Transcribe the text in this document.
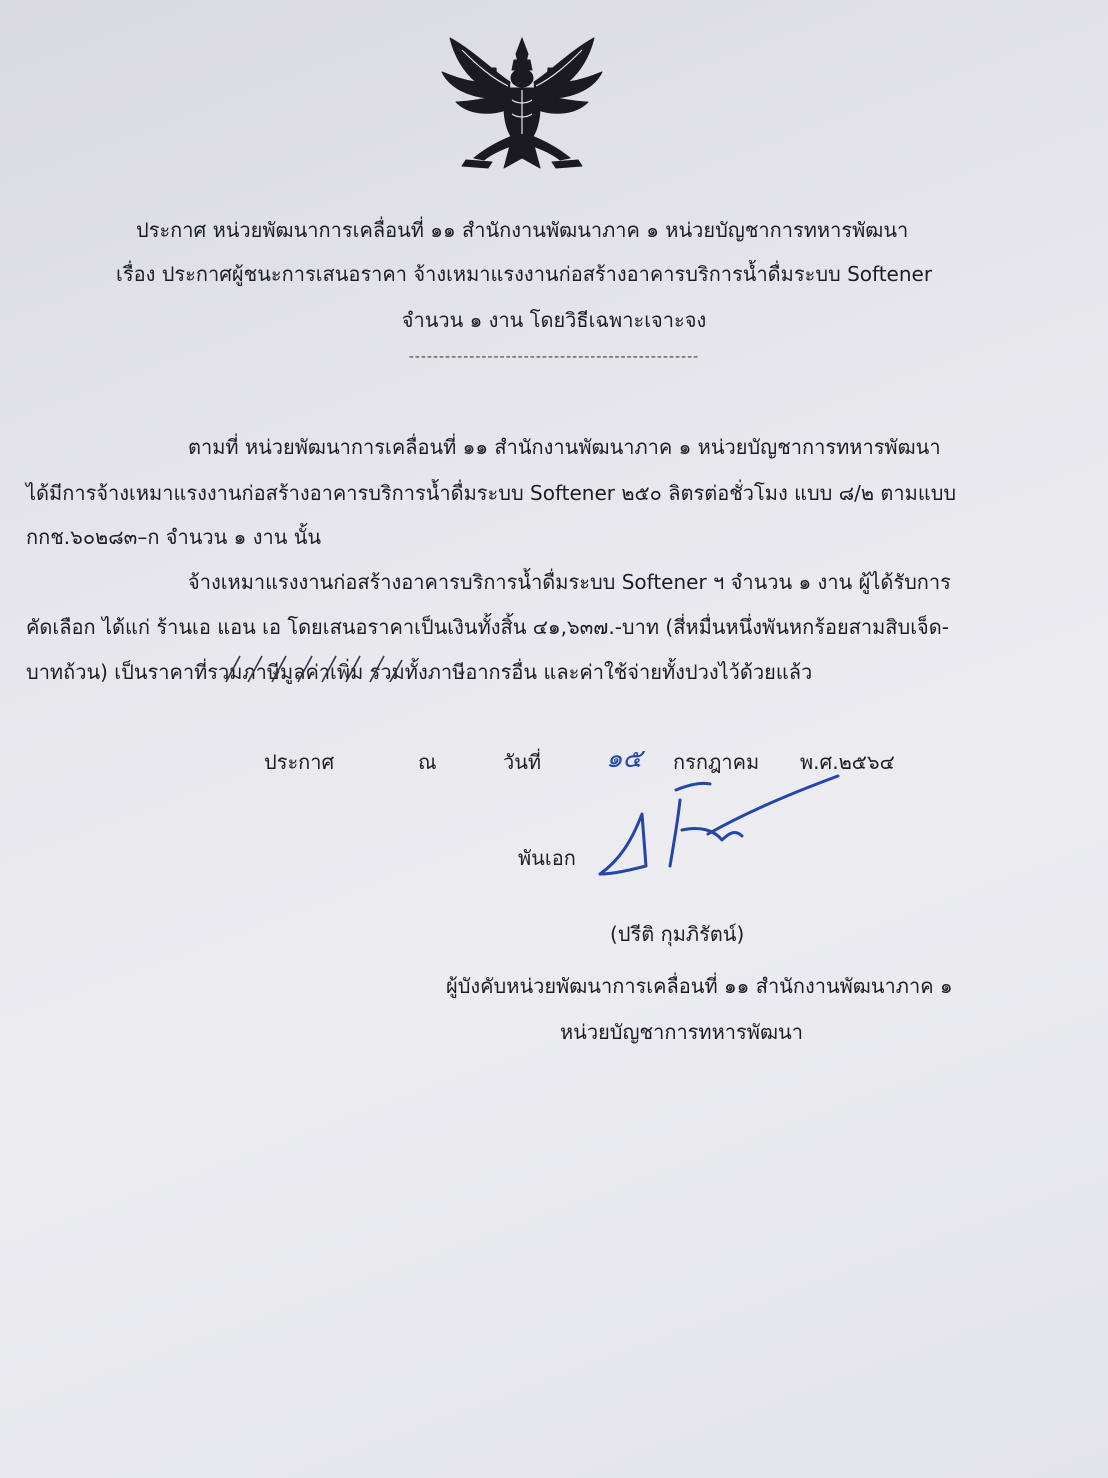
ประกาศ หน่วยพัฒนาการเคลื่อนที่ ๑๑ สำนักงานพัฒนาภาค ๑ หน่วยบัญชาการทหารพัฒนา
เรื่อง ประกาศผู้ชนะการเสนอราคา จ้างเหมาแรงงานก่อสร้างอาคารบริการน้ำดื่มระบบ Softener
จำนวน ๑ งาน โดยวิธีเฉพาะเจาะจง
------------------------------------------------
ตามที่ หน่วยพัฒนาการเคลื่อนที่ ๑๑ สำนักงานพัฒนาภาค ๑ หน่วยบัญชาการทหารพัฒนา
ได้มีการจ้างเหมาแรงงานก่อสร้างอาคารบริการน้ำดื่มระบบ Softener ๒๕๐ ลิตรต่อชั่วโมง แบบ ๘/๒ ตามแบบ
กกช.๖๐๒๘๓–ก จำนวน ๑ งาน นั้น
จ้างเหมาแรงงานก่อสร้างอาคารบริการน้ำดื่มระบบ Softener ฯ จำนวน ๑ งาน ผู้ได้รับการ
คัดเลือก ได้แก่ ร้านเอ แอน เอ โดยเสนอราคาเป็นเงินทั้งสิ้น ๔๑,๖๓๗.-บาท (สี่หมื่นหนึ่งพันหกร้อยสามสิบเจ็ด-
บาทถ้วน) เป็นราคาที่รวมภาษีมูลค่าเพิ่ม รวมทั้งภาษีอากรอื่น และค่าใช้จ่ายทั้งปวงไว้ด้วยแล้ว
ประกาศ	ณ	วันที่ ๑๕ กรกฎาคม พ.ศ.๒๕๖๔
พันเอก
(ปรีติ กุมภิรัตน์)
ผู้บังคับหน่วยพัฒนาการเคลื่อนที่ ๑๑ สำนักงานพัฒนาภาค ๑
หน่วยบัญชาการทหารพัฒนา
